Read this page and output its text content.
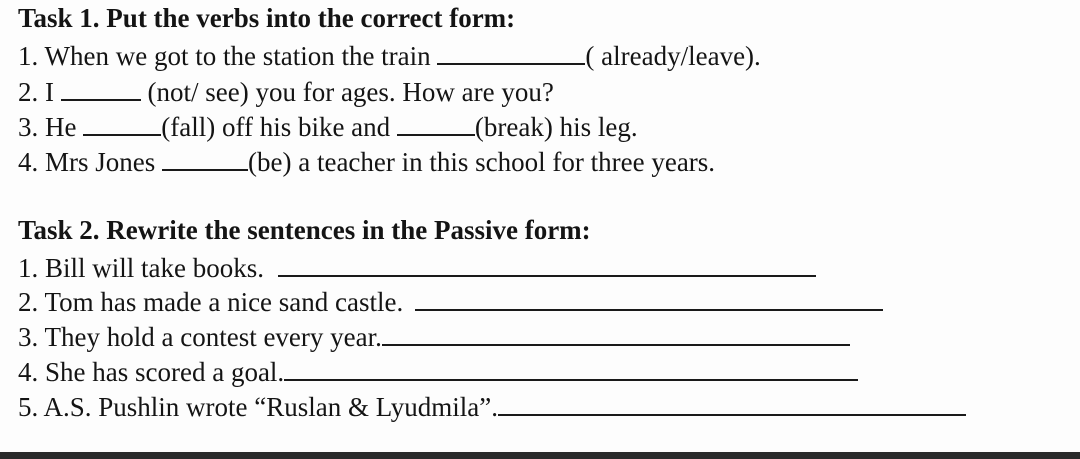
Task 1. Put the verbs into the correct form:
1. When we got to the station the train	( already/leave).
2. I	(not/ see) you for ages. How are you?
3. He	(fall) off his bike and	(break) his leg.
4. Mrs Jones	(be) a teacher in this school for three years.
Task 2. Rewrite the sentences in the Passive form:
1. Bill will take books.
2. Tom has made a nice sand castle.
3. They hold a contest every year.
4. She has scored a goal.
5. A.S. Pushlin wrote “Ruslan & Lyudmila”.
